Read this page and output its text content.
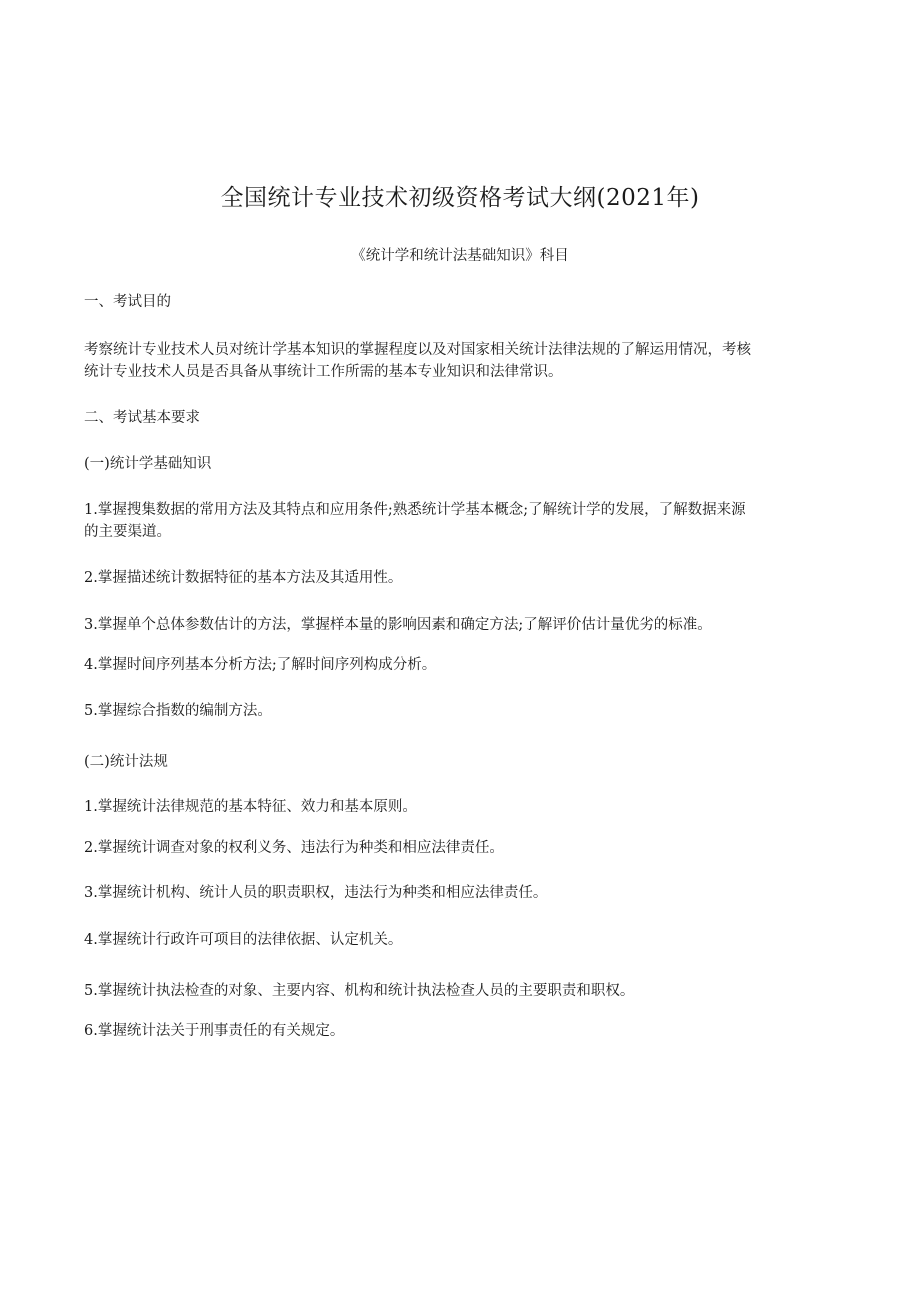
全国统计专业技术初级资格考试大纲(2021年)
《统计学和统计法基础知识》科目
一、考试目的
考察统计专业技术人员对统计学基本知识的掌握程度以及对国家相关统计法律法规的了解运用情况，考核
统计专业技术人员是否具备从事统计工作所需的基本专业知识和法律常识。
二、考试基本要求
(一)统计学基础知识
1.掌握搜集数据的常用方法及其特点和应用条件;熟悉统计学基本概念;了解统计学的发展，了解数据来源
的主要渠道。
2.掌握描述统计数据特征的基本方法及其适用性。
3.掌握单个总体参数估计的方法，掌握样本量的影响因素和确定方法;了解评价估计量优劣的标准。
4.掌握时间序列基本分析方法;了解时间序列构成分析。
5.掌握综合指数的编制方法。
(二)统计法规
1.掌握统计法律规范的基本特征、效力和基本原则。
2.掌握统计调查对象的权利义务、违法行为种类和相应法律责任。
3.掌握统计机构、统计人员的职责职权，违法行为种类和相应法律责任。
4.掌握统计行政许可项目的法律依据、认定机关。
5.掌握统计执法检查的对象、主要内容、机构和统计执法检查人员的主要职责和职权。
6.掌握统计法关于刑事责任的有关规定。
